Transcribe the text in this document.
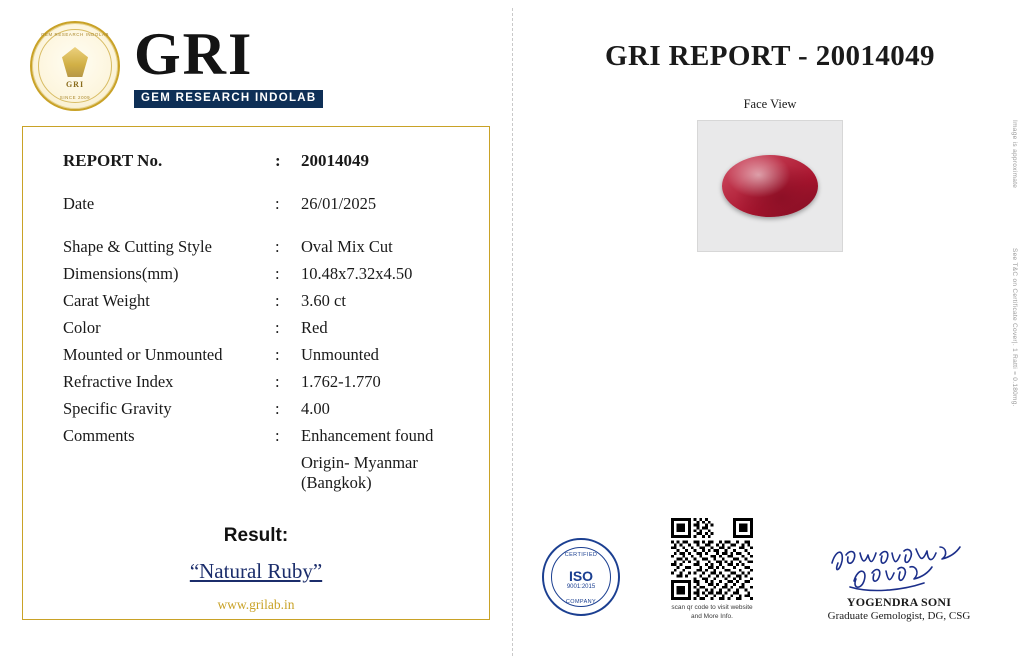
GEM RESEARCH INDOLAB
GRI
SINCE 2009
GRI
GEM RESEARCH INDOLAB
REPORT No.	:	20014049
Date	:	26/01/2025
Shape & Cutting Style	:	Oval Mix Cut
Dimensions(mm)	:	10.48x7.32x4.50
Carat Weight	:	3.60 ct
Color	:	Red
Mounted or Unmounted	:	Unmounted
Refractive Index	:	1.762-1.770
Specific Gravity	:	4.00
Comments	:	Enhancement found
		Origin- Myanmar (Bangkok)
Result:
“Natural Ruby”
www.grilab.in
GRI REPORT - 20014049
Face View
Image is approximate
See T&C on Certificate Cover|. 1 Ratti = 0.180mg.
CERTIFIED
ISO
9001:2015
COMPANY
scan qr code to visit website
and More Info.
YOGENDRA SONI
Graduate Gemologist, DG, CSG
